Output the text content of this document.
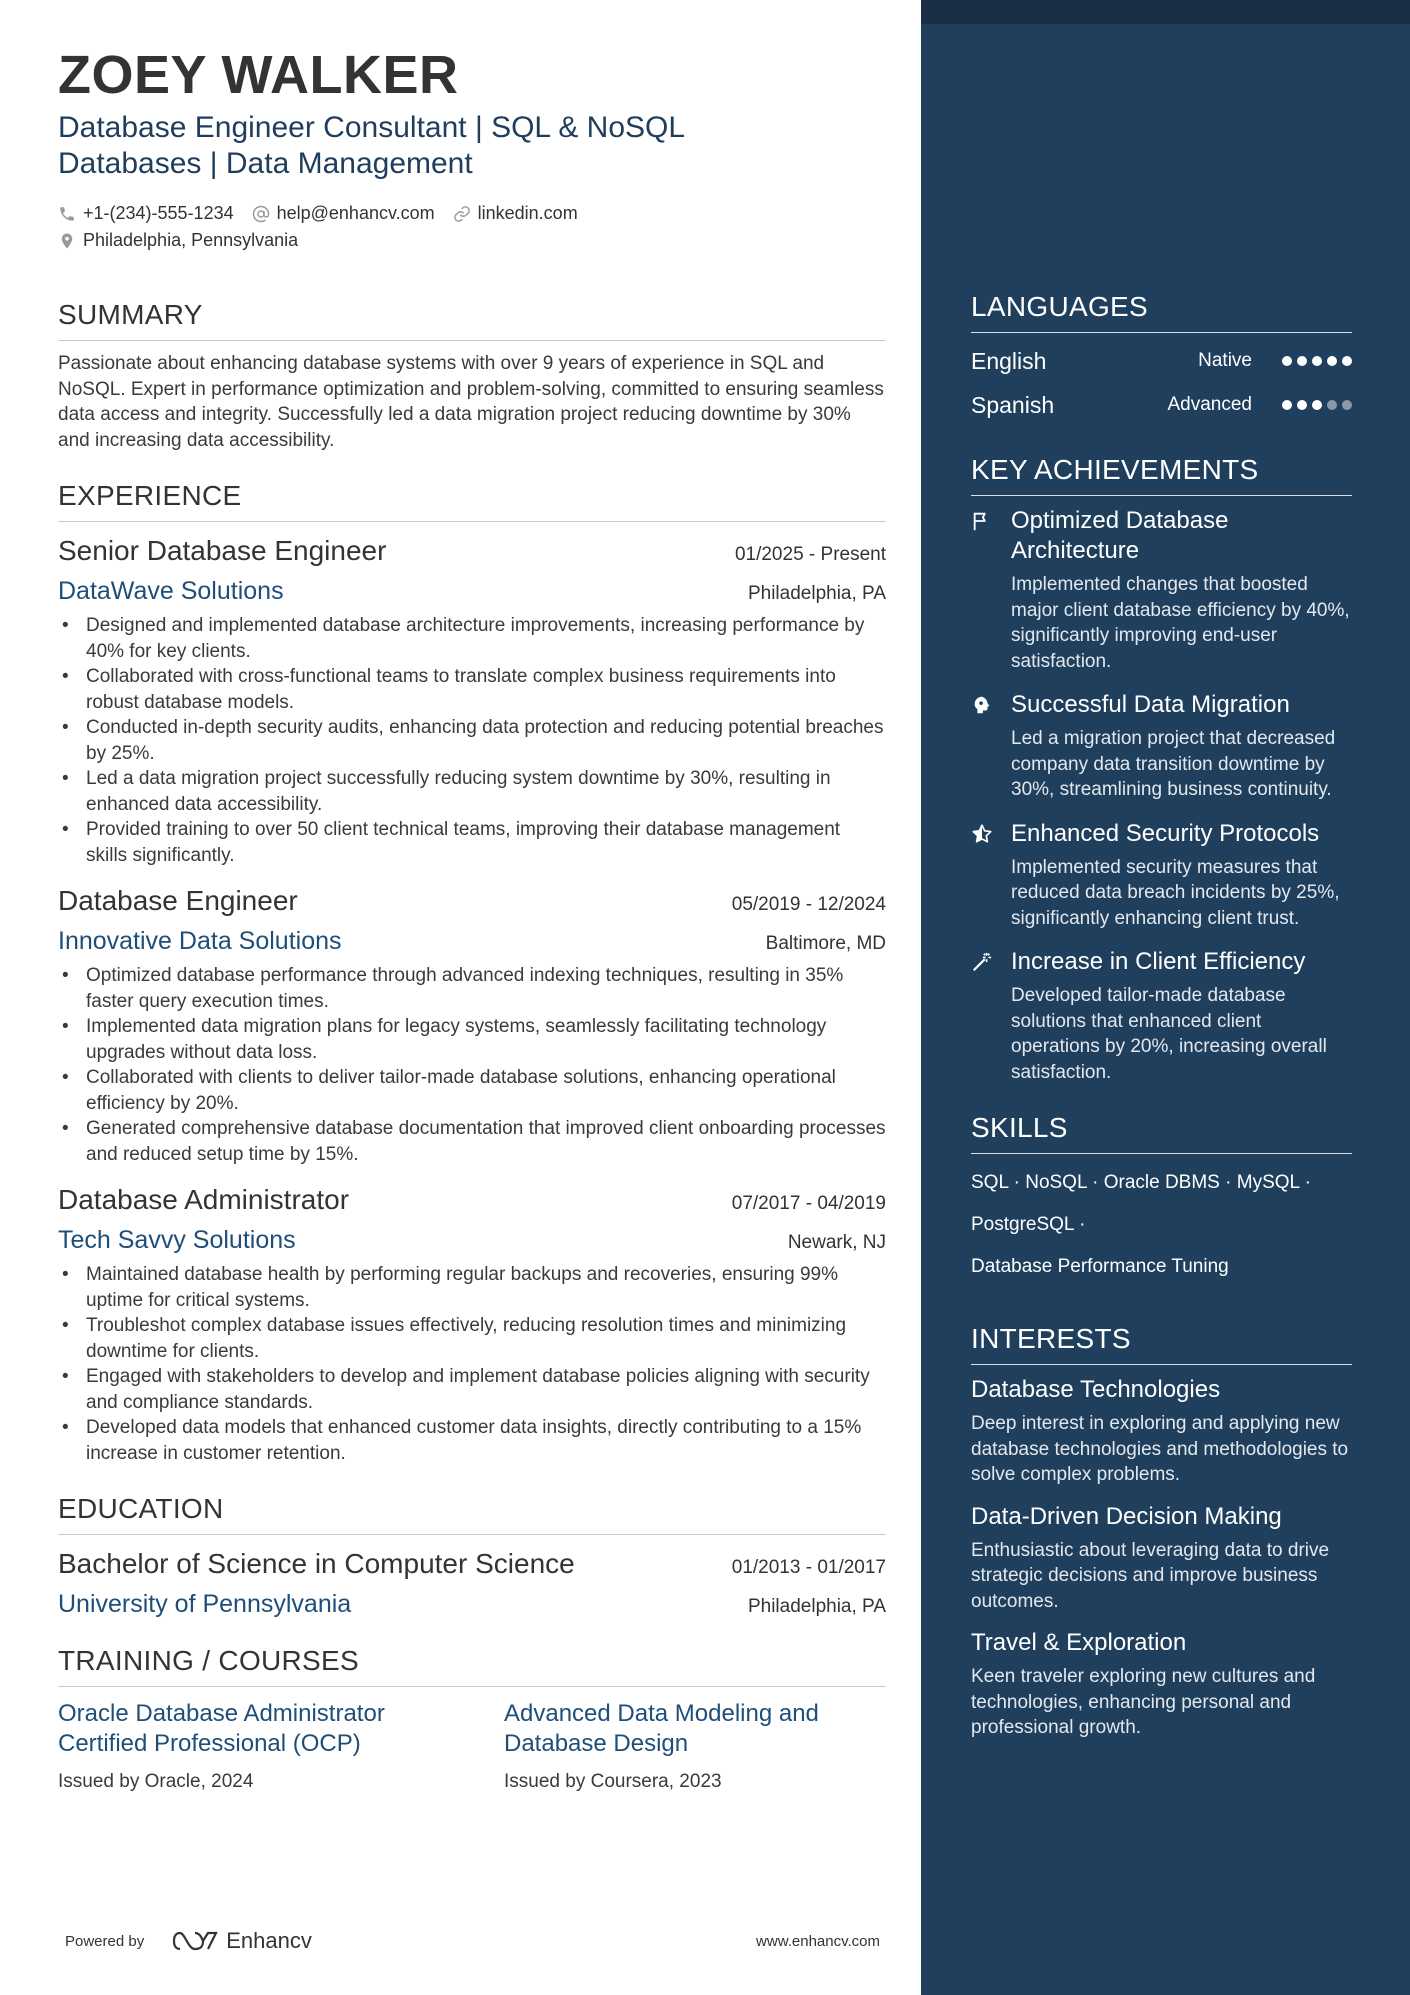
ZOEY WALKER
Database Engineer Consultant | SQL & NoSQL Databases | Data Management
+1-(234)-555-1234 help@enhancv.com linkedin.com
Philadelphia, Pennsylvania
SUMMARY
Passionate about enhancing database systems with over 9 years of experience in SQL and NoSQL. Expert in performance optimization and problem-solving, committed to ensuring seamless data access and integrity. Successfully led a data migration project reducing downtime by 30% and increasing data accessibility.
EXPERIENCE
Senior Database Engineer	01/2025 - Present
DataWave Solutions	Philadelphia, PA
• Designed and implemented database architecture improvements, increasing performance by 40% for key clients.
• Collaborated with cross-functional teams to translate complex business requirements into robust database models.
• Conducted in-depth security audits, enhancing data protection and reducing potential breaches by 25%.
• Led a data migration project successfully reducing system downtime by 30%, resulting in enhanced data accessibility.
• Provided training to over 50 client technical teams, improving their database management skills significantly.
Database Engineer	05/2019 - 12/2024
Innovative Data Solutions	Baltimore, MD
• Optimized database performance through advanced indexing techniques, resulting in 35% faster query execution times.
• Implemented data migration plans for legacy systems, seamlessly facilitating technology upgrades without data loss.
• Collaborated with clients to deliver tailor-made database solutions, enhancing operational efficiency by 20%.
• Generated comprehensive database documentation that improved client onboarding processes and reduced setup time by 15%.
Database Administrator	07/2017 - 04/2019
Tech Savvy Solutions	Newark, NJ
• Maintained database health by performing regular backups and recoveries, ensuring 99% uptime for critical systems.
• Troubleshot complex database issues effectively, reducing resolution times and minimizing downtime for clients.
• Engaged with stakeholders to develop and implement database policies aligning with security and compliance standards.
• Developed data models that enhanced customer data insights, directly contributing to a 15% increase in customer retention.
EDUCATION
Bachelor of Science in Computer Science	01/2013 - 01/2017
University of Pennsylvania	Philadelphia, PA
TRAINING / COURSES
Oracle Database Administrator Certified Professional (OCP)
Issued by Oracle, 2024
Advanced Data Modeling and Database Design
Issued by Coursera, 2023
Powered by	Enhancv	www.enhancv.com
LANGUAGES
English	Native
Spanish	Advanced
KEY ACHIEVEMENTS
Optimized Database Architecture
Implemented changes that boosted major client database efficiency by 40%, significantly improving end-user satisfaction.
Successful Data Migration
Led a migration project that decreased company data transition downtime by 30%, streamlining business continuity.
Enhanced Security Protocols
Implemented security measures that reduced data breach incidents by 25%, significantly enhancing client trust.
Increase in Client Efficiency
Developed tailor-made database solutions that enhanced client operations by 20%, increasing overall satisfaction.
SKILLS
SQL · NoSQL · Oracle DBMS · MySQL ·
PostgreSQL ·
Database Performance Tuning
INTERESTS
Database Technologies
Deep interest in exploring and applying new database technologies and methodologies to solve complex problems.
Data-Driven Decision Making
Enthusiastic about leveraging data to drive strategic decisions and improve business outcomes.
Travel & Exploration
Keen traveler exploring new cultures and technologies, enhancing personal and professional growth.
